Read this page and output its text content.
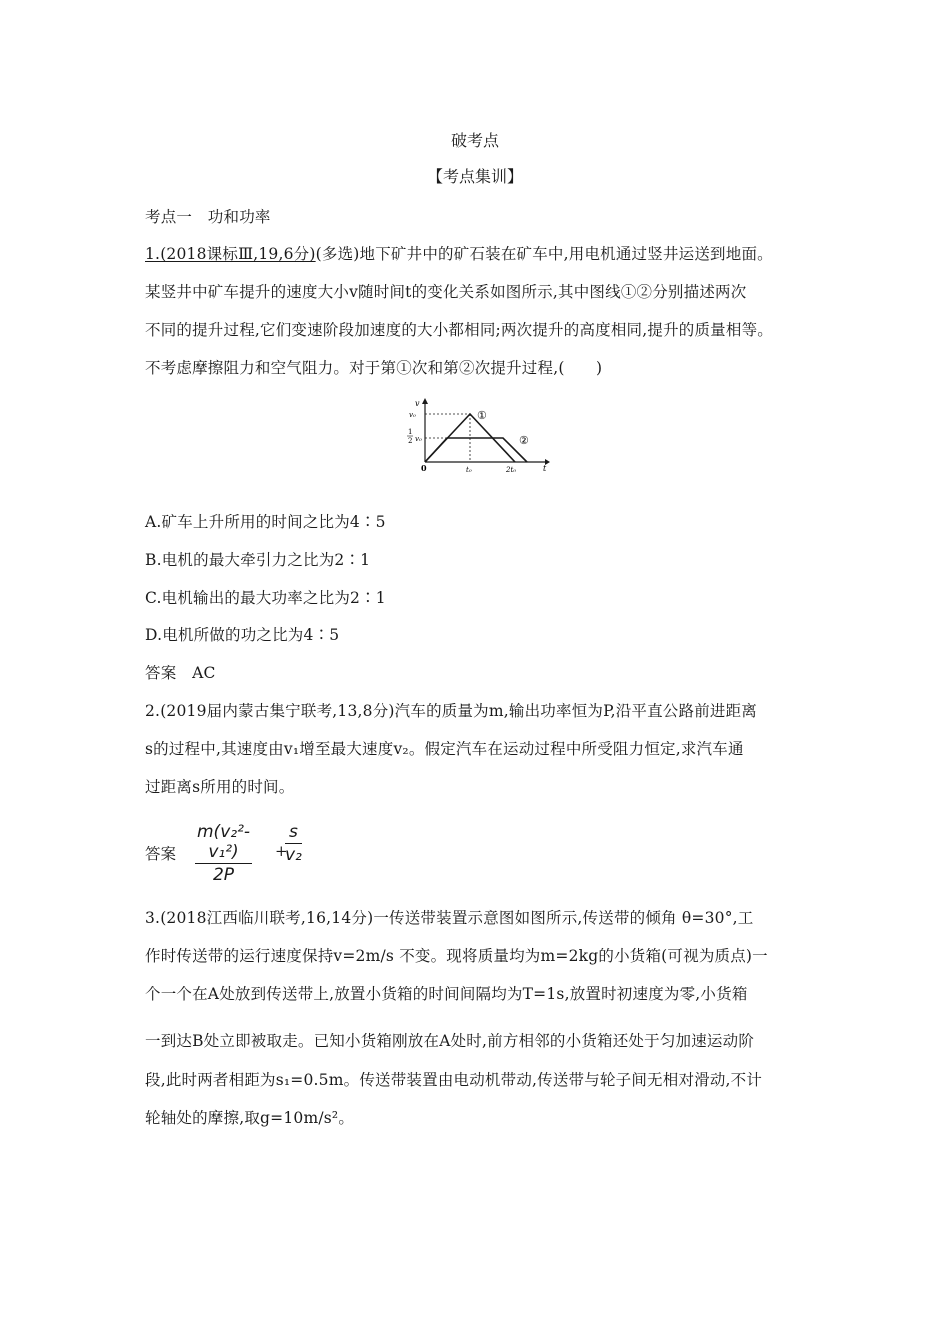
破考点
【考点集训】
考点一　功和功率
1.(2018课标Ⅲ,19,6分)(多选)地下矿井中的矿石装在矿车中,用电机通过竖井运送到地面。
某竖井中矿车提升的速度大小v随时间t的变化关系如图所示,其中图线①②分别描述两次
不同的提升过程,它们变速阶段加速度的大小都相同;两次提升的高度相同,提升的质量相等。
不考虑摩擦阻力和空气阻力。对于第①次和第②次提升过程,(　　)
v
v₀
1
2 v₀
0	t₀	2t₀	t
①
②
A.矿车上升所用的时间之比为4∶5
B.电机的最大牵引力之比为2∶1
C.电机输出的最大功率之比为2∶1
D.电机所做的功之比为4∶5
答案　AC
2.(2019届内蒙古集宁联考,13,8分)汽车的质量为m,输出功率恒为P,沿平直公路前进距离
s的过程中,其速度由v₁增至最大速度v₂。假定汽车在运动过程中所受阻力恒定,求汽车通
过距离s所用的时间。
答案 $\frac{\text{m(v₂²-v₁²)}}{2P}$ +
$\frac{s}{\text{v₂}}$
3.(2018江西临川联考,16,14分)一传送带装置示意图如图所示,传送带的倾角 θ=30°,工
作时传送带的运行速度保持v=2m/s 不变。现将质量均为m=2kg的小货箱(可视为质点)一
个一个在A处放到传送带上,放置小货箱的时间间隔均为T=1s,放置时初速度为零,小货箱
一到达B处立即被取走。已知小货箱刚放在A处时,前方相邻的小货箱还处于匀加速运动阶
段,此时两者相距为s₁=0.5m。传送带装置由电动机带动,传送带与轮子间无相对滑动,不计
轮轴处的摩擦,取g=10m/s²。
